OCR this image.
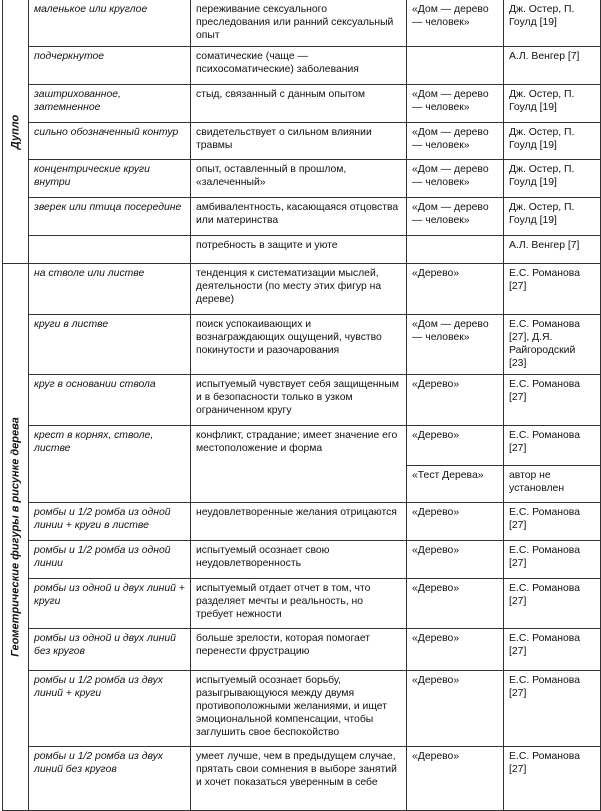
Дупло	маленькое или круглое	переживание сексуального преследования или ранний сексуальный опыт	«Дом — дерево — человек»	Дж. Остер, П. Гоулд [19]
	подчеркнутое	соматические (чаще — психосоматические) заболевания		А.Л. Венгер [7]
	заштрихованное, затемненное	стыд, связанный с данным опытом	«Дом — дерево — человек»	Дж. Остер, П. Гоулд [19]
	сильно обозначенный контур	свидетельствует о сильном влиянии травмы	«Дом — дерево — человек»	Дж. Остер, П. Гоулд [19]
	концентрические круги внутри	опыт, оставленный в прошлом, «залеченный»	«Дом — дерево — человек»	Дж. Остер, П. Гоулд [19]
	зверек или птица посередине	амбивалентность, касающаяся отцовства или материнства	«Дом — дерево — человек»	Дж. Остер, П. Гоулд [19]
		потребность в защите и уюте		А.Л. Венгер [7]

Геометрические фигуры в рисунке дерева	на стволе или листве	тенденция к систематизации мыслей, деятельности (по месту этих фигур на дереве)	«Дерево»	Е.С. Романова [27]
	круги в листве	поиск успокаивающих и вознаграждающих ощущений, чувство покинутости и разочарования	«Дом — дерево — человек»	Е.С. Романова [27], Д.Я. Райгородский [23]
	круг в основании ствола	испытуемый чувствует себя защищенным и в безопасности только в узком ограниченном кругу	«Дерево»	Е.С. Романова [27]
	крест в корнях, стволе, листве	конфликт, страдание; имеет значение его местоположение и форма	«Дерево»	Е.С. Романова [27]
			«Тест Дерева»	автор не установлен
	ромбы и 1/2 ромба из одной линии + круги в листве	неудовлетворенные желания отрицаются	«Дерево»	Е.С. Романова [27]
	ромбы и 1/2 ромба из одной линии	испытуемый осознает свою неудовлетворенность	«Дерево»	Е.С. Романова [27]
	ромбы из одной и двух линий + круги	испытуемый отдает отчет в том, что разделяет мечты и реальность, но требует нежности	«Дерево»	Е.С. Романова [27]
	ромбы из одной и двух линий без кругов	больше зрелости, которая помогает перенести фрустрацию	«Дерево»	Е.С. Романова [27]
	ромбы и 1/2 ромба из двух линий + круги	испытуемый осознает борьбу, разыгрывающуюся между двумя противоположными желаниями, и ищет эмоциональной компенсации, чтобы заглушить свое беспокойство	«Дерево»	Е.С. Романова [27]
	ромбы и 1/2 ромба из двух линий без кругов	умеет лучше, чем в предыдущем случае, прятать свои сомнения в выборе занятий и хочет показаться уверенным в себе	«Дерево»	Е.С. Романова [27]
